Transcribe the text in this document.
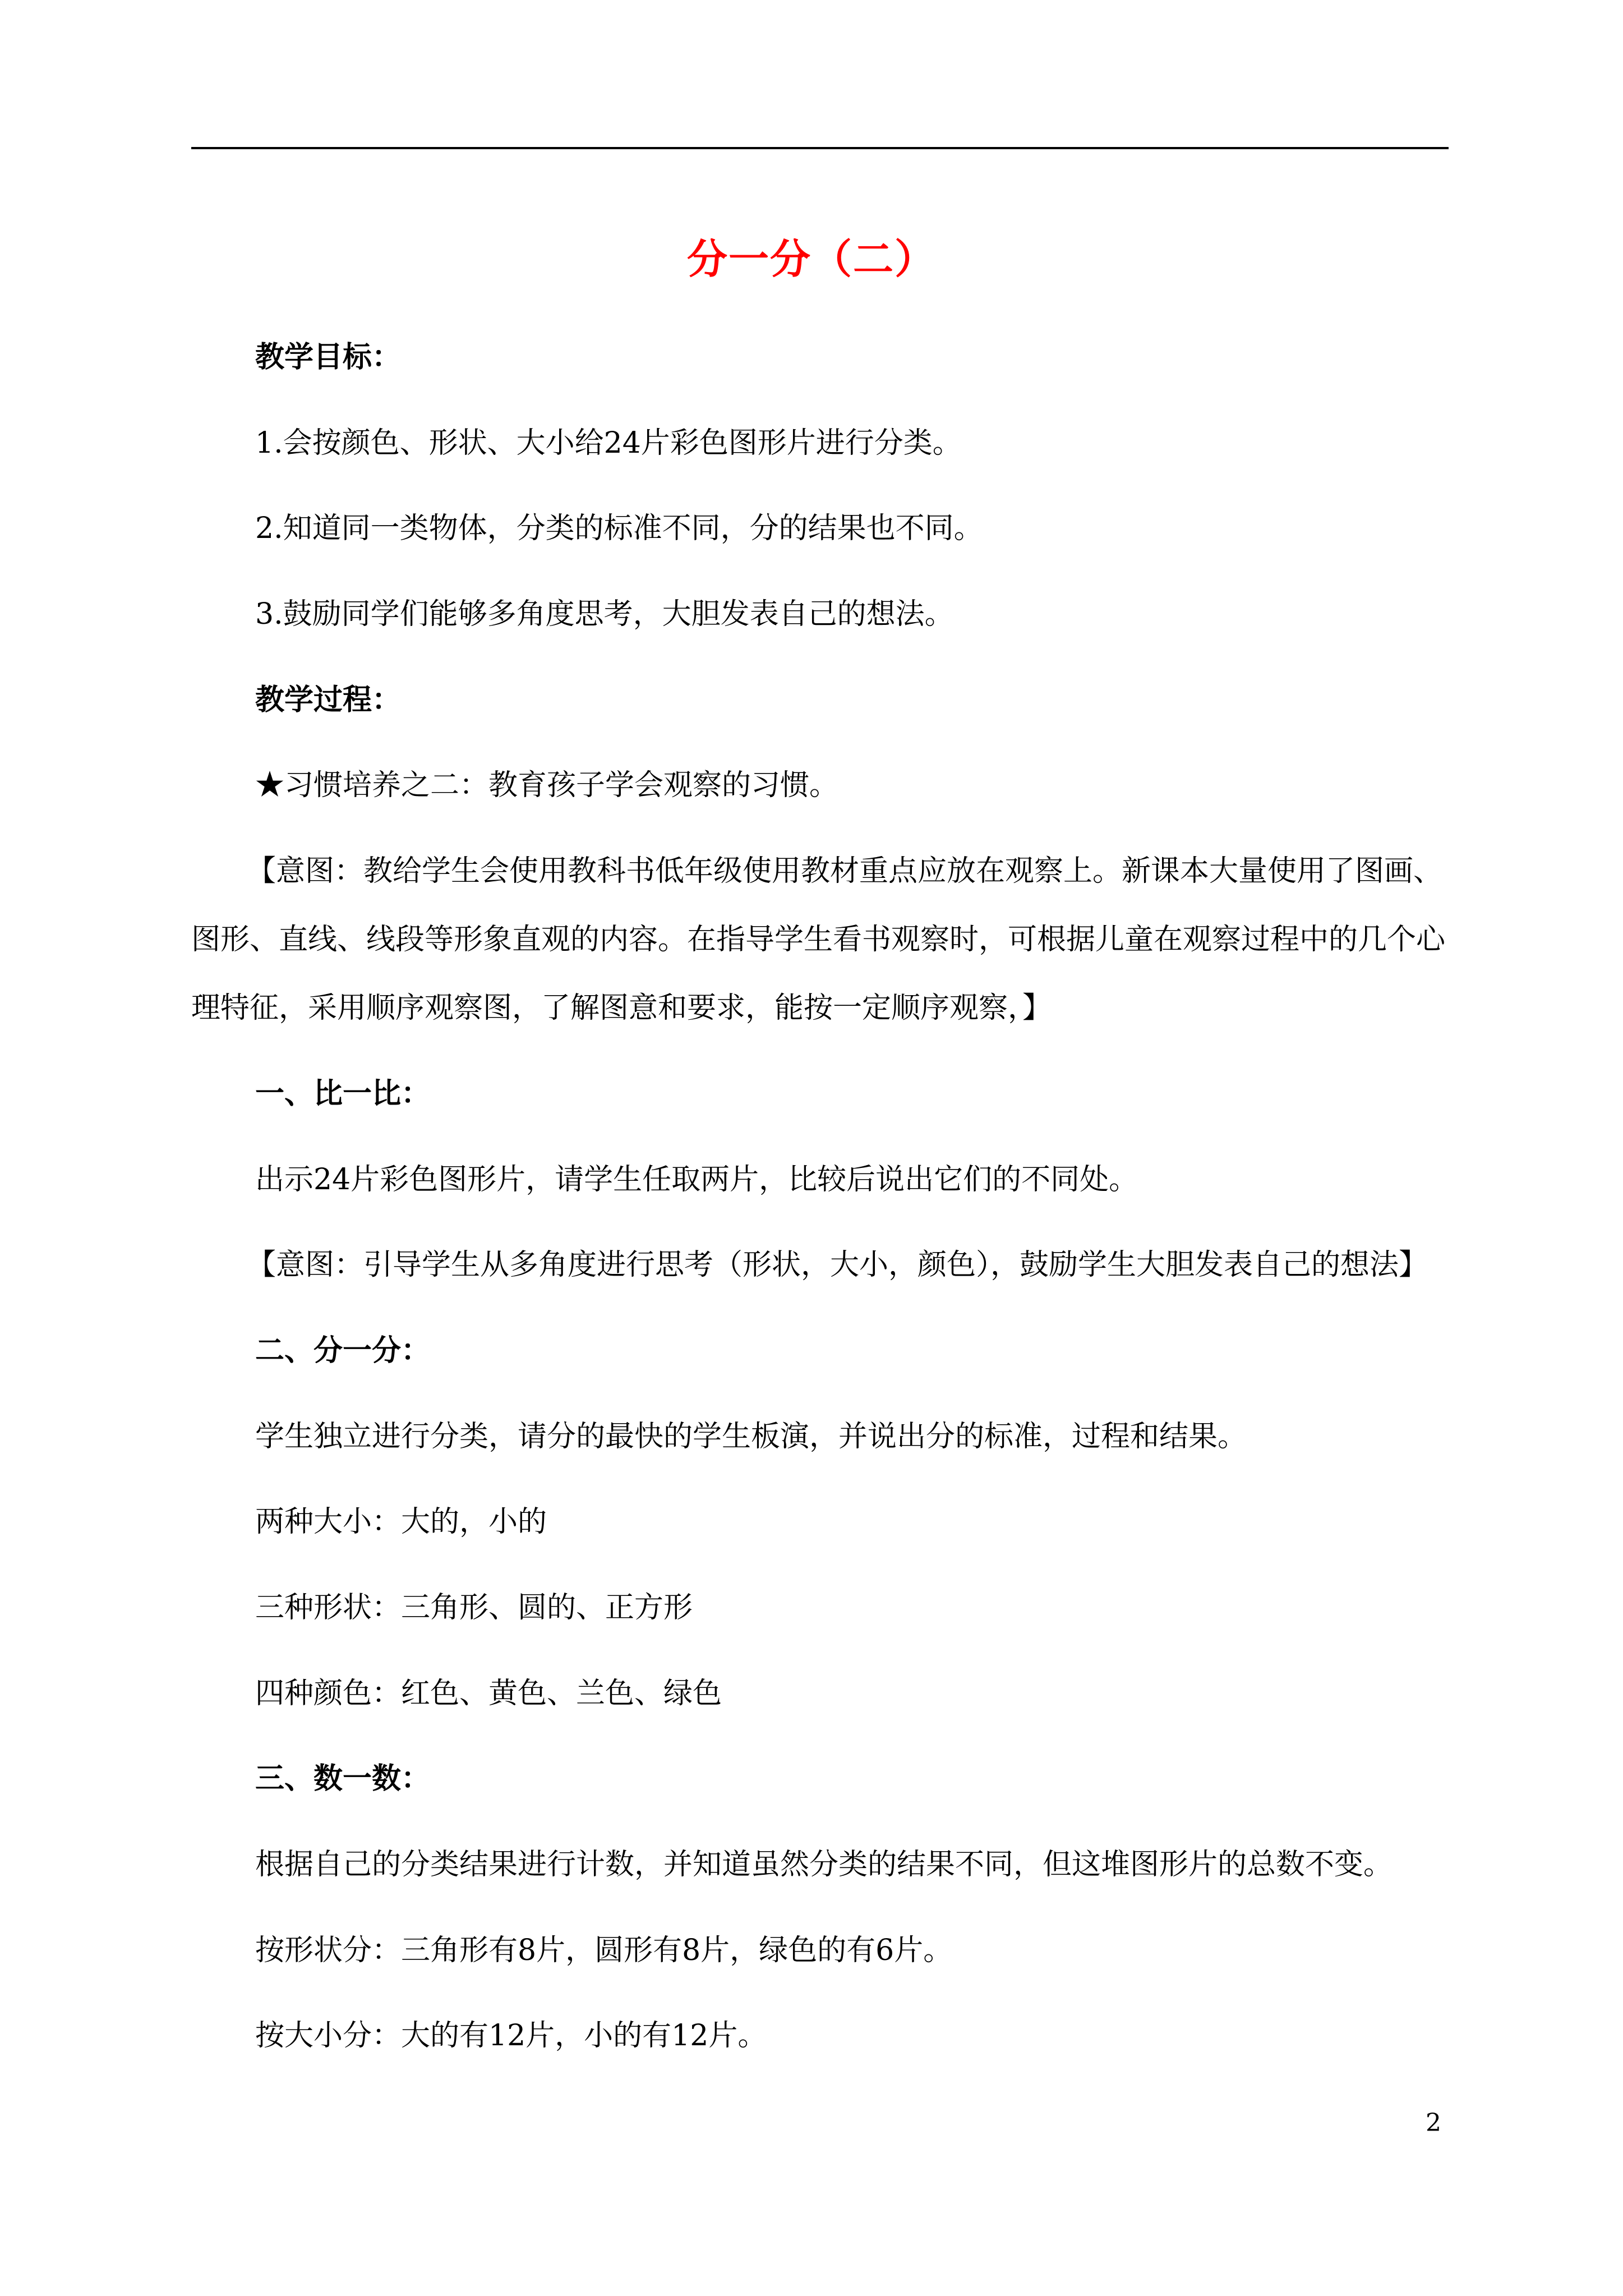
分一分（二）
教学目标：
1.会按颜色、形状、大小给24片彩色图形片进行分类。
2.知道同一类物体，分类的标准不同，分的结果也不同。
3.鼓励同学们能够多角度思考，大胆发表自己的想法。
教学过程：
★习惯培养之二：教育孩子学会观察的习惯。
【意图：教给学生会使用教科书低年级使用教材重点应放在观察上。新课本大量使用了图画、
图形、直线、线段等形象直观的内容。在指导学生看书观察时，可根据儿童在观察过程中的几个心
理特征，采用顺序观察图，了解图意和要求，能按一定顺序观察，】
一、比一比：
出示24片彩色图形片，请学生任取两片，比较后说出它们的不同处。
【意图：引导学生从多角度进行思考（形状，大小，颜色），鼓励学生大胆发表自己的想法】
二、分一分：
学生独立进行分类，请分的最快的学生板演，并说出分的标准，过程和结果。
两种大小：大的，小的
三种形状：三角形、圆的、正方形
四种颜色：红色、黄色、兰色、绿色
三、数一数：
根据自己的分类结果进行计数，并知道虽然分类的结果不同，但这堆图形片的总数不变。
按形状分：三角形有8片，圆形有8片，绿色的有6片。
按大小分：大的有12片，小的有12片。
2
